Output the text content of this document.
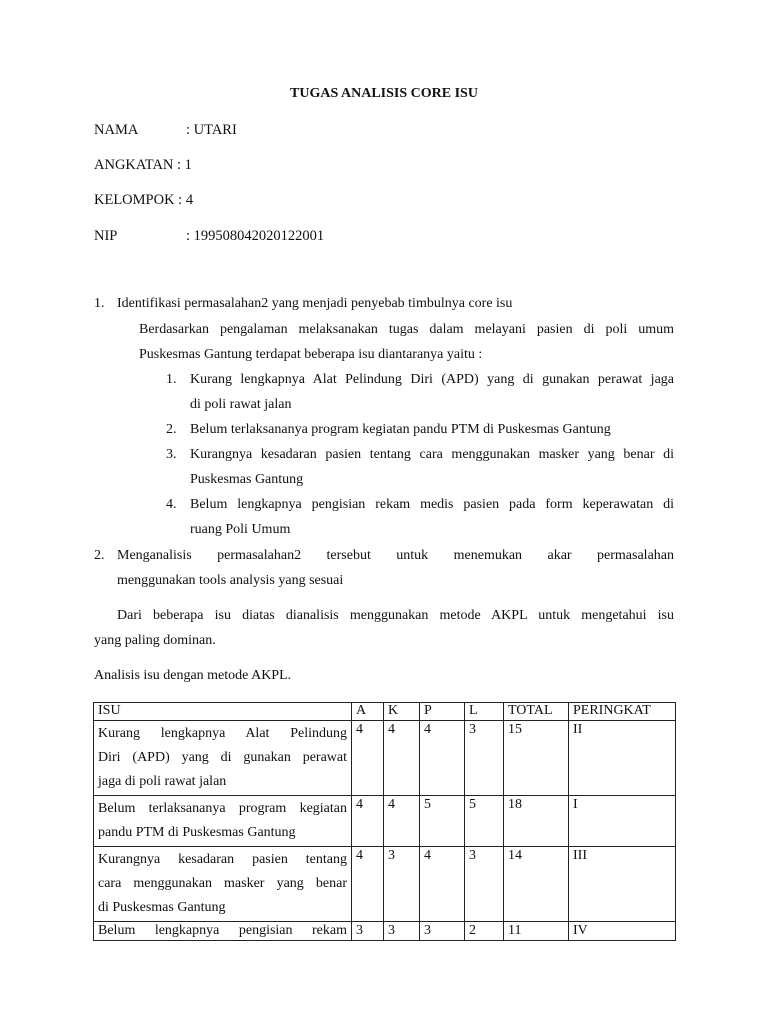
TUGAS ANALISIS CORE ISU
NAMA	: UTARI
ANGKATAN : 1
KELOMPOK : 4
NIP	: 199508042020122001
1. Identifikasi permasalahan2 yang menjadi penyebab timbulnya core isu
Berdasarkan pengalaman melaksanakan tugas dalam melayani pasien di poli umum
Puskesmas Gantung terdapat beberapa isu diantaranya yaitu :
1. Kurang lengkapnya Alat Pelindung Diri (APD) yang di gunakan perawat jaga
di poli rawat jalan
2. Belum terlaksananya program kegiatan pandu PTM di Puskesmas Gantung
3. Kurangnya kesadaran pasien tentang cara menggunakan masker yang benar di
Puskesmas Gantung
4. Belum lengkapnya pengisian rekam medis pasien pada form keperawatan di
ruang Poli Umum
2. Menganalisis permasalahan2 tersebut untuk menemukan akar permasalahan
menggunakan tools analysis yang sesuai
Dari beberapa isu diatas dianalisis menggunakan metode AKPL untuk mengetahui isu
yang paling dominan.
Analisis isu dengan metode AKPL.
ISU	A	K	P	L	TOTAL	PERINGKAT

Kurang lengkapnya Alat Pelindung
Diri (APD) yang di gunakan perawat
jaga di poli rawat jalan	4	4	4	3	15	II

Belum terlaksananya program kegiatan
pandu PTM di Puskesmas Gantung	4	4	5	5	18	I

Kurangnya kesadaran pasien tentang
cara menggunakan masker yang benar
di Puskesmas Gantung	4	3	4	3	14	III

Belum lengkapnya pengisian rekam	3	3	3	2	11	IV
